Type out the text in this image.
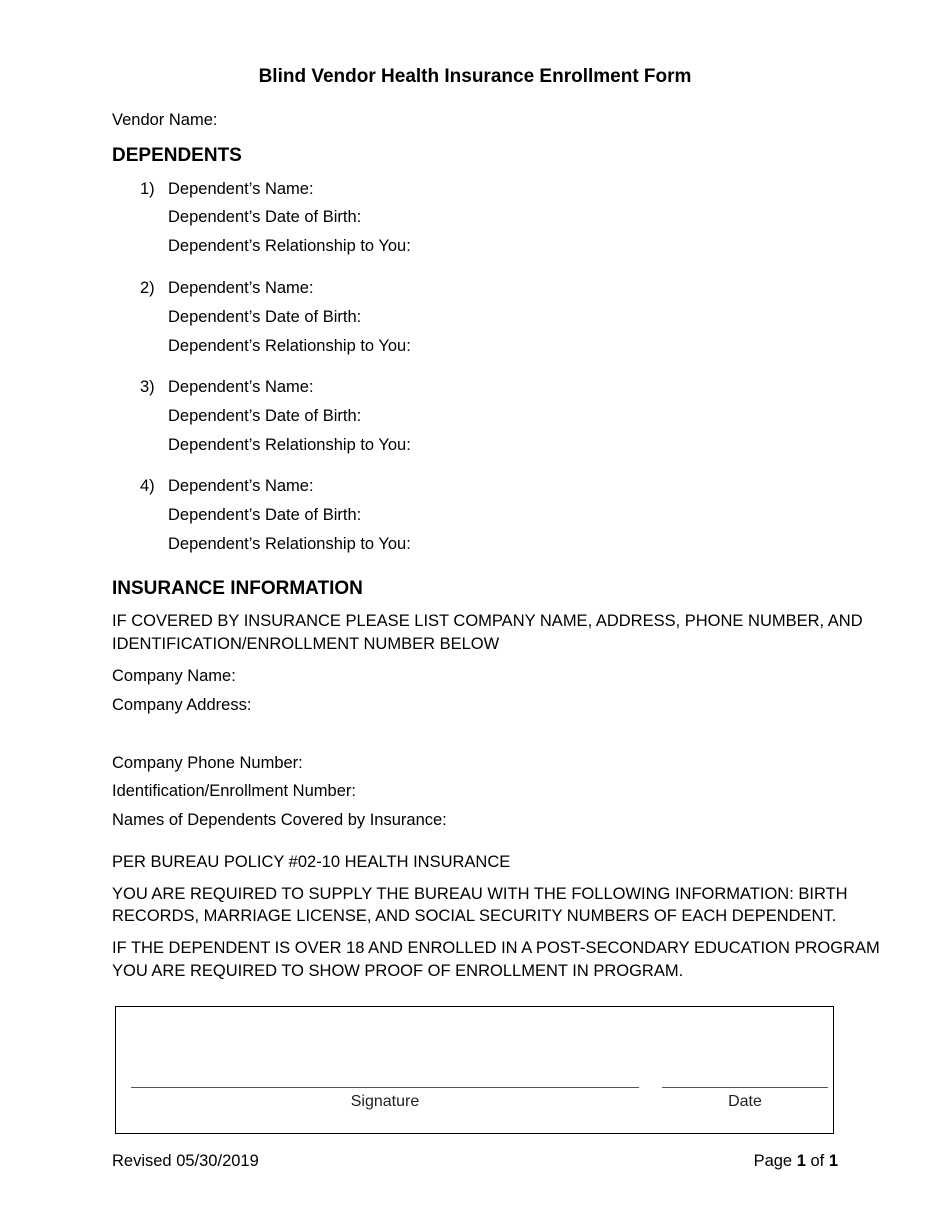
Blind Vendor Health Insurance Enrollment Form
Vendor Name:
DEPENDENTS
1) Dependent’s Name:
Dependent’s Date of Birth:
Dependent’s Relationship to You:
2) Dependent’s Name:
Dependent’s Date of Birth:
Dependent’s Relationship to You:
3) Dependent’s Name:
Dependent’s Date of Birth:
Dependent’s Relationship to You:
4) Dependent’s Name:
Dependent’s Date of Birth:
Dependent’s Relationship to You:
INSURANCE INFORMATION
IF COVERED BY INSURANCE PLEASE LIST COMPANY NAME, ADDRESS, PHONE NUMBER, AND
IDENTIFICATION/ENROLLMENT NUMBER BELOW
Company Name:
Company Address:
Company Phone Number:
Identification/Enrollment Number:
Names of Dependents Covered by Insurance:
PER BUREAU POLICY #02-10 HEALTH INSURANCE
YOU ARE REQUIRED TO SUPPLY THE BUREAU WITH THE FOLLOWING INFORMATION: BIRTH
RECORDS, MARRIAGE LICENSE, AND SOCIAL SECURITY NUMBERS OF EACH DEPENDENT.
IF THE DEPENDENT IS OVER 18 AND ENROLLED IN A POST-SECONDARY EDUCATION PROGRAM
YOU ARE REQUIRED TO SHOW PROOF OF ENROLLMENT IN PROGRAM.
Signature	Date
Revised 05/30/2019	Page 1 of 1
